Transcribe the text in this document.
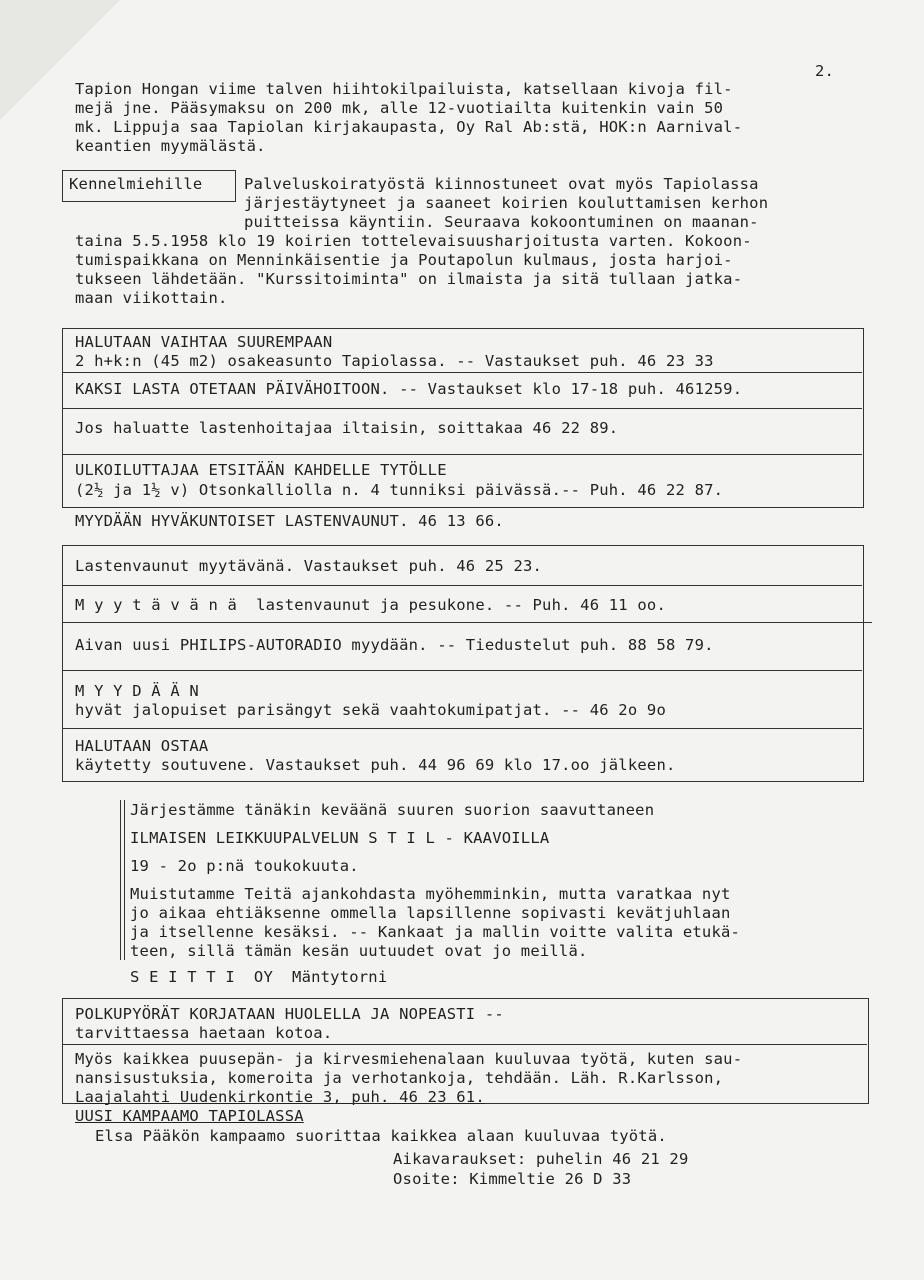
2.
Tapion Hongan viime talven hiihtokilpailuista, katsellaan kivoja fil-
mejä jne. Pääsymaksu on 200 mk, alle 12-vuotiailta kuitenkin vain 50
mk. Lippuja saa Tapiolan kirjakaupasta, Oy Ral Ab:stä, HOK:n Aarnival-
keantien myymälästä.
Kennelmiehille	Palveluskoiratyöstä kiinnostuneet ovat myös Tapiolassa
järjestäytyneet ja saaneet koirien kouluttamisen kerhon
puitteissa käyntiin. Seuraava kokoontuminen on maanan-
taina 5.5.1958 klo 19 koirien tottelevaisuusharjoitusta varten. Kokoon-
tumispaikkana on Menninkäisentie ja Poutapolun kulmaus, josta harjoi-
tukseen lähdetään. "Kurssitoiminta" on ilmaista ja sitä tullaan jatka-
maan viikottain.
HALUTAAN VAIHTAA SUUREMPAAN
2 h+k:n (45 m2) osakeasunto Tapiolassa. -- Vastaukset puh. 46 23 33
KAKSI LASTA OTETAAN PÄIVÄHOITOON. -- Vastaukset klo 17-18 puh. 461259.
Jos haluatte lastenhoitajaa iltaisin, soittakaa 46 22 89.
ULKOILUTTAJAA ETSITÄÄN KAHDELLE TYTÖLLE
(2½ ja 1½ v) Otsonkalliolla n. 4 tunniksi päivässä.-- Puh. 46 22 87.
MYYDÄÄN HYVÄKUNTOISET LASTENVAUNUT. 46 13 66.
Lastenvaunut myytävänä. Vastaukset puh. 46 25 23.
M y y t ä v ä n ä  lastenvaunut ja pesukone. -- Puh. 46 11 oo.
Aivan uusi PHILIPS-AUTORADIO myydään. -- Tiedustelut puh. 88 58 79.
M Y Y D Ä Ä N
hyvät jalopuiset parisängyt sekä vaahtokumipatjat. -- 46 2o 9o
HALUTAAN OSTAA
käytetty soutuvene. Vastaukset puh. 44 96 69 klo 17.oo jälkeen.
Järjestämme tänäkin keväänä suuren suorion saavuttaneen
ILMAISEN LEIKKUUPALVELUN S T I L - KAAVOILLA
19 - 2o p:nä toukokuuta.
Muistutamme Teitä ajankohdasta myöhemminkin, mutta varatkaa nyt
jo aikaa ehtiäksenne ommella lapsillenne sopivasti kevätjuhlaan
ja itsellenne kesäksi. -- Kankaat ja mallin voitte valita etukä-
teen, sillä tämän kesän uutuudet ovat jo meillä.
S E I T T I  OY  Mäntytorni
POLKUPYÖRÄT KORJATAAN HUOLELLA JA NOPEASTI --
tarvittaessa haetaan kotoa.
Myös kaikkea puusepän- ja kirvesmiehenalaan kuuluvaa työtä, kuten sau-
nansisustuksia, komeroita ja verhotankoja, tehdään. Läh. R.Karlsson,
Laajalahti Uudenkirkontie 3, puh. 46 23 61.
UUSI KAMPAAMO TAPIOLASSA
Elsa Pääkön kampaamo suorittaa kaikkea alaan kuuluvaa työtä.
Aikavaraukset: puhelin 46 21 29
Osoite: Kimmeltie 26 D 33
